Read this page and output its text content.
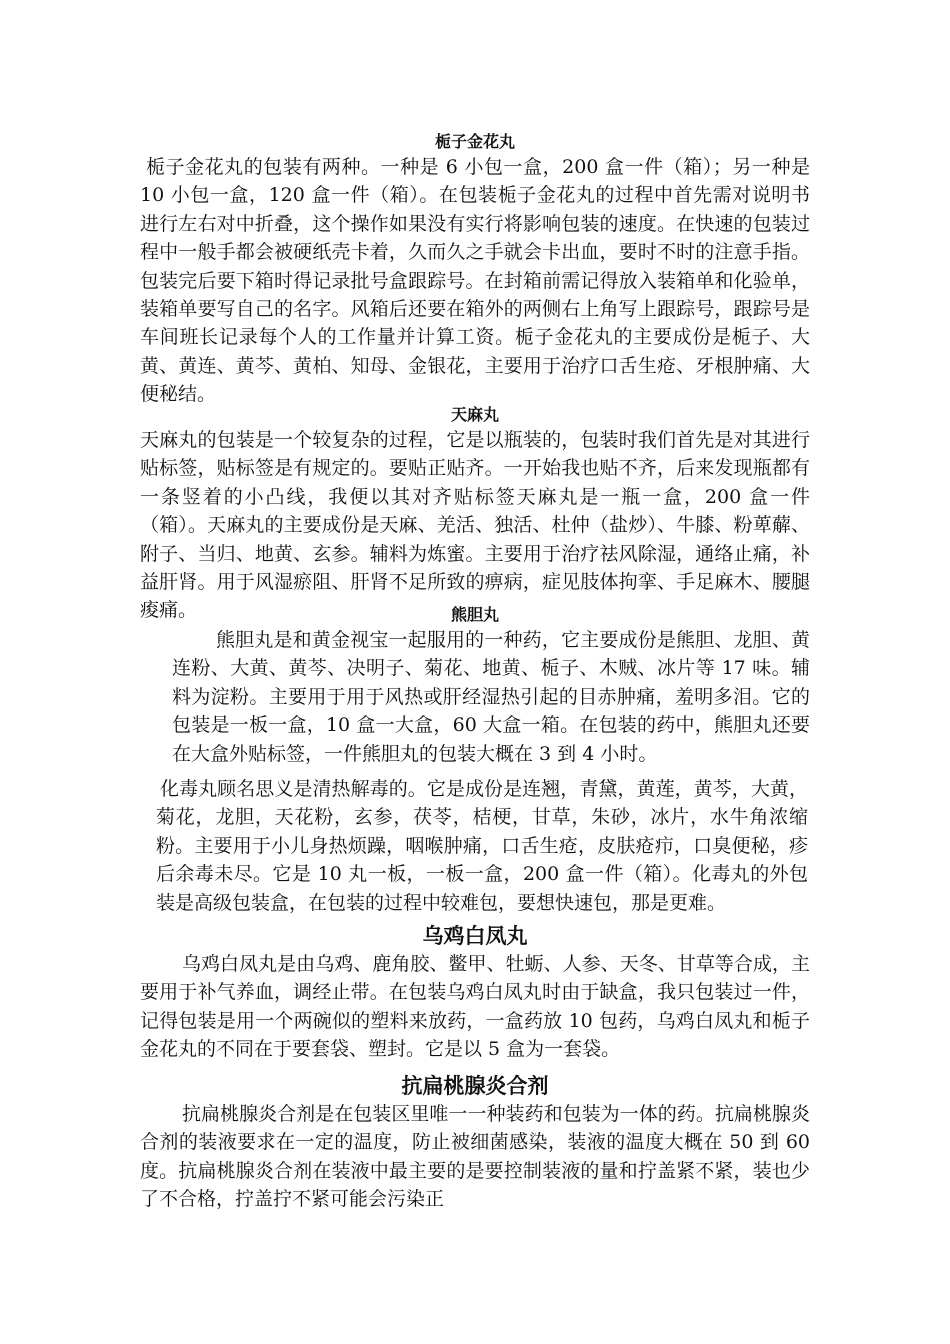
栀子金花丸

栀子金花丸的包装有两种。一种是 6 小包一盒，200 盒一件（箱）；另一种是 10 小包一盒，120 盒一件（箱）。在包装栀子金花丸的过程中首先需对说明书进行左右对中折叠，这个操作如果没有实行将影响包装的速度。在快速的包装过程中一般手都会被硬纸壳卡着，久而久之手就会卡出血，要时不时的注意手指。包装完后要下箱时得记录批号盒跟踪号。在封箱前需记得放入装箱单和化验单，装箱单要写自己的名字。风箱后还要在箱外的两侧右上角写上跟踪号，跟踪号是车间班长记录每个人的工作量并计算工资。栀子金花丸的主要成份是栀子、大黄、黄连、黄芩、黄柏、知母、金银花，主要用于治疗口舌生疮、牙根肿痛、大便秘结。

天麻丸

天麻丸的包装是一个较复杂的过程，它是以瓶装的，包装时我们首先是对其进行贴标签，贴标签是有规定的。要贴正贴齐。一开始我也贴不齐，后来发现瓶都有一条竖着的小凸线，我便以其对齐贴标签天麻丸是一瓶一盒，200 盒一件（箱）。天麻丸的主要成份是天麻、羌活、独活、杜仲（盐炒）、牛膝、粉萆薢、附子、当归、地黄、玄参。辅料为炼蜜。主要用于治疗祛风除湿，通络止痛，补益肝肾。用于风湿瘀阻、肝肾不足所致的痹病，症见肢体拘挛、手足麻木、腰腿痠痛。	熊胆丸

熊胆丸是和黄金视宝一起服用的一种药，它主要成份是熊胆、龙胆、黄连粉、大黄、黄芩、决明子、菊花、地黄、栀子、木贼、冰片等 17 味。辅料为淀粉。主要用于用于风热或肝经湿热引起的目赤肿痛，羞明多泪。它的包装是一板一盒，10 盒一大盒，60 大盒一箱。在包装的药中，熊胆丸还要在大盒外贴标签，一件熊胆丸的包装大概在 3 到 4 小时。

化毒丸顾名思义是清热解毒的。它是成份是连翘，青黛，黄莲，黄芩，大黄，菊花，龙胆，天花粉，玄参，茯苓，桔梗，甘草，朱砂，冰片，水牛角浓缩粉。主要用于小儿身热烦躁，咽喉肿痛，口舌生疮，皮肤疮疖，口臭便秘，疹后余毒未尽。它是 10 丸一板，一板一盒，200 盒一件（箱）。化毒丸的外包装是高级包装盒，在包装的过程中较难包，要想快速包，那是更难。

乌鸡白凤丸

乌鸡白凤丸是由乌鸡、鹿角胶、鳖甲、牡蛎、人参、天冬、甘草等合成，主要用于补气养血，调经止带。在包装乌鸡白凤丸时由于缺盒，我只包装过一件，记得包装是用一个两碗似的塑料来放药，一盒药放 10 包药，乌鸡白凤丸和栀子金花丸的不同在于要套袋、塑封。它是以 5 盒为一套袋。

抗扁桃腺炎合剂

抗扁桃腺炎合剂是在包装区里唯一一种装药和包装为一体的药。抗扁桃腺炎合剂的装液要求在一定的温度，防止被细菌感染，装液的温度大概在 50 到 60 度。抗扁桃腺炎合剂在装液中最主要的是要控制装液的量和拧盖紧不紧，装也少了不合格，拧盖拧不紧可能会污染正
